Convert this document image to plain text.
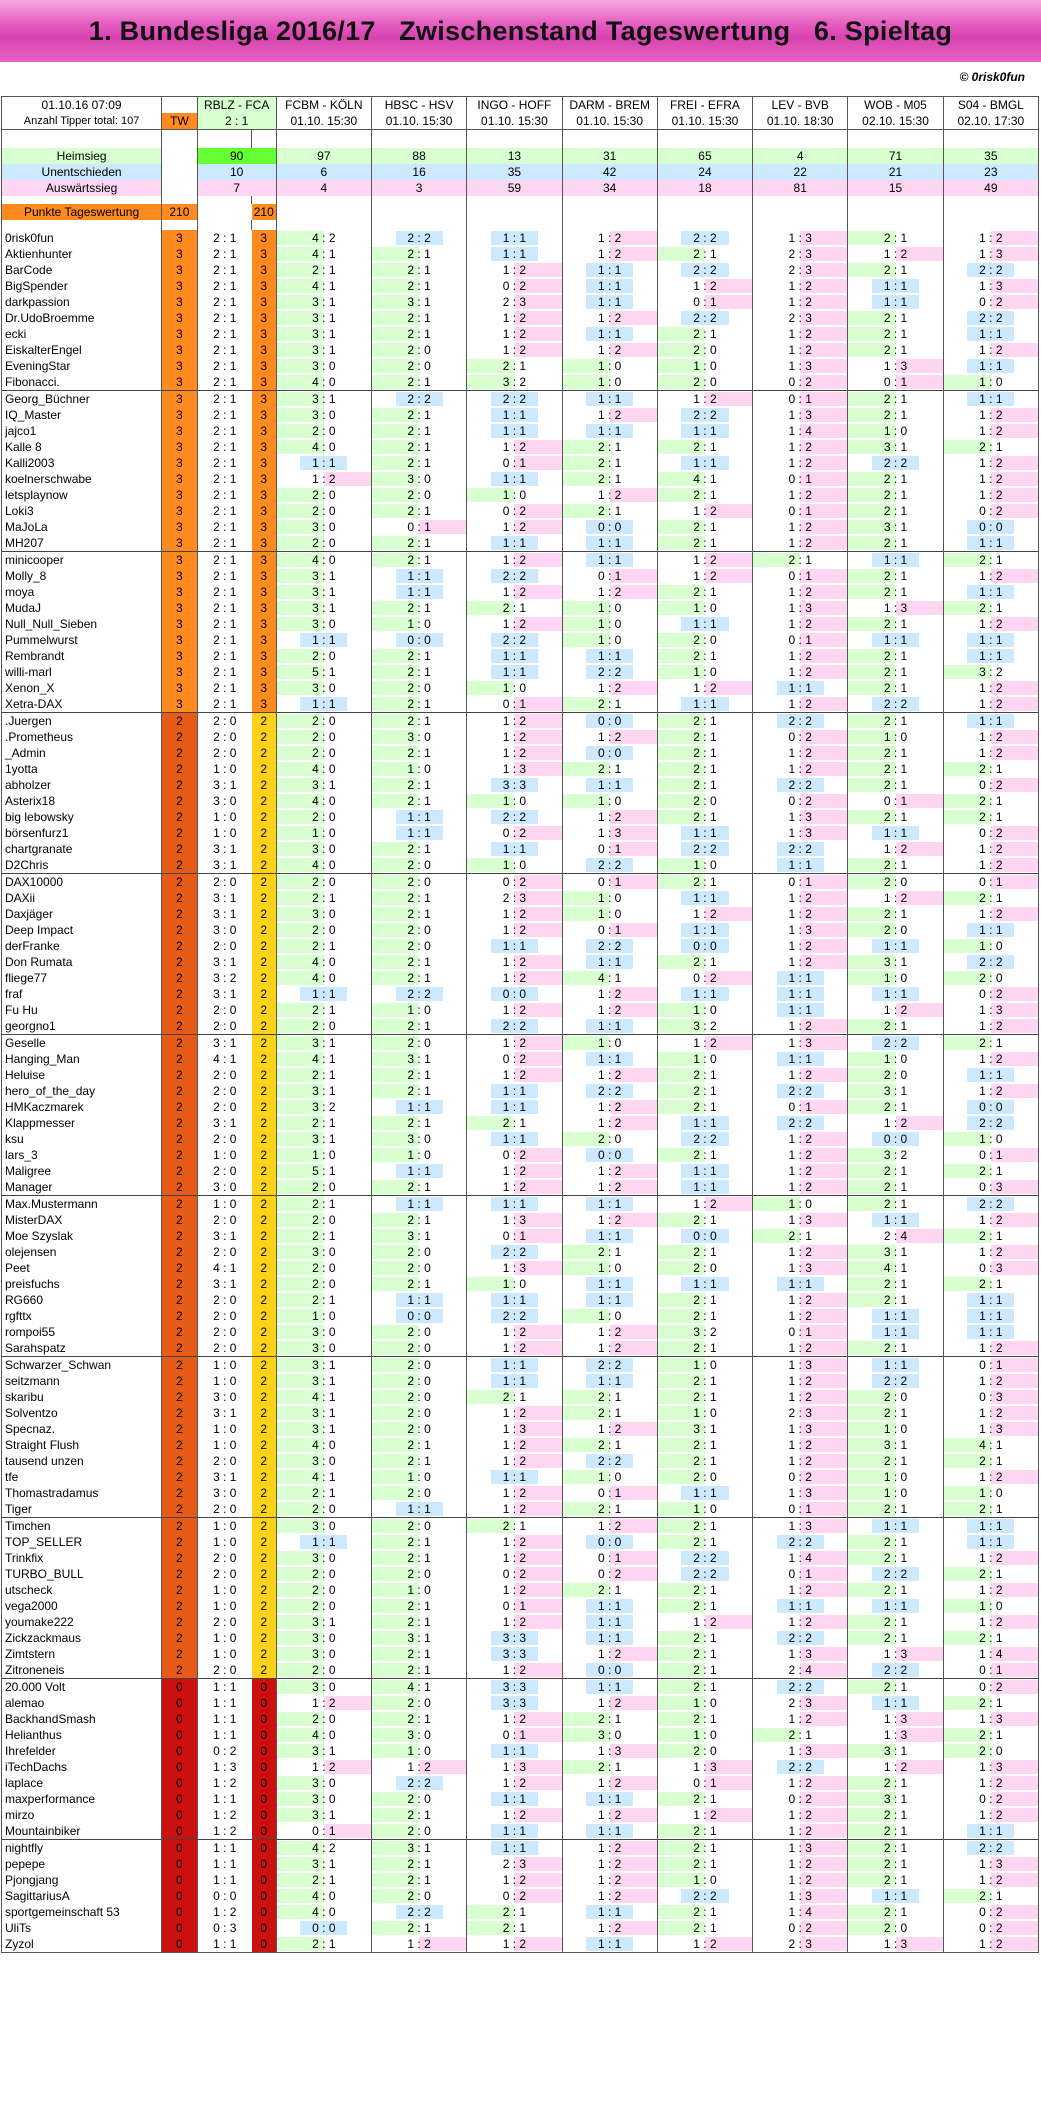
1. Bundesliga 2016/17   Zwischenstand Tageswertung   6. Spieltag
© 0risk0fun
01.10.16 07:09		RBLZ - FCA		FCBM - KÖLN	HBSC - HSV	INGO - HOFF	DARM - BREM	FREI - EFRA	LEV - BVB	WOB - M05	S04 - BMGL
Anzahl Tipper total: 107	TW	2 : 1		01.10. 15:30	01.10. 15:30	01.10. 15:30	01.10. 15:30	01.10. 15:30	01.10. 18:30	02.10. 15:30	02.10. 17:30

Heimsieg		90		97	88	13	31	65	4	71	35
Unentschieden		10		6	16	35	42	24	22	21	23
Auswärtssieg		7		4	3	59	34	18	81	15	49

Punkte Tageswertung	210		210								

0risk0fun	3	2 : 1	3	4 : 2	2 : 2	1 : 1	1 : 2	2 : 2	1 : 3	2 : 1	1 : 2

Aktienhunter	3	2 : 1	3	4 : 1	2 : 1	1 : 1	1 : 2	2 : 1	2 : 3	1 : 2	1 : 3

BarCode	3	2 : 1	3	2 : 1	2 : 1	1 : 2	1 : 1	2 : 2	2 : 3	2 : 1	2 : 2

BigSpender	3	2 : 1	3	4 : 1	2 : 1	0 : 2	1 : 1	1 : 2	1 : 2	1 : 1	1 : 3

darkpassion	3	2 : 1	3	3 : 1	3 : 1	2 : 3	1 : 1	0 : 1	1 : 2	1 : 1	0 : 2

Dr.UdoBroemme	3	2 : 1	3	3 : 1	2 : 1	1 : 2	1 : 2	2 : 2	2 : 3	2 : 1	2 : 2

ecki	3	2 : 1	3	3 : 1	2 : 1	1 : 2	1 : 1	2 : 1	1 : 2	2 : 1	1 : 1

EiskalterEngel	3	2 : 1	3	3 : 1	2 : 0	1 : 2	1 : 2	2 : 0	1 : 2	2 : 1	1 : 2

EveningStar	3	2 : 1	3	3 : 0	2 : 0	2 : 1	1 : 0	1 : 0	1 : 3	1 : 3	1 : 1

Fibonacci.	3	2 : 1	3	4 : 0	2 : 1	3 : 2	1 : 0	2 : 0	0 : 2	0 : 1	1 : 0

Georg_Büchner	3	2 : 1	3	3 : 1	2 : 2	2 : 2	1 : 1	1 : 2	0 : 1	2 : 1	1 : 1

IQ_Master	3	2 : 1	3	3 : 0	2 : 1	1 : 1	1 : 2	2 : 2	1 : 3	2 : 1	1 : 2

jajco1	3	2 : 1	3	2 : 0	2 : 1	1 : 1	1 : 1	1 : 1	1 : 4	1 : 0	1 : 2

Kalle 8	3	2 : 1	3	4 : 0	2 : 1	1 : 2	2 : 1	2 : 1	1 : 2	3 : 1	2 : 1

Kalli2003	3	2 : 1	3	1 : 1	2 : 1	0 : 1	2 : 1	1 : 1	1 : 2	2 : 2	1 : 2

koelnerschwabe	3	2 : 1	3	1 : 2	3 : 0	1 : 1	2 : 1	4 : 1	0 : 1	2 : 1	1 : 2

letsplaynow	3	2 : 1	3	2 : 0	2 : 0	1 : 0	1 : 2	2 : 1	1 : 2	2 : 1	1 : 2

Loki3	3	2 : 1	3	2 : 0	2 : 1	0 : 2	2 : 1	1 : 2	0 : 1	2 : 1	0 : 2

MaJoLa	3	2 : 1	3	3 : 0	0 : 1	1 : 2	0 : 0	2 : 1	1 : 2	3 : 1	0 : 0

MH207	3	2 : 1	3	2 : 0	2 : 1	1 : 1	1 : 1	2 : 1	1 : 2	2 : 1	1 : 1

minicooper	3	2 : 1	3	4 : 0	2 : 1	1 : 2	1 : 1	1 : 2	2 : 1	1 : 1	2 : 1

Molly_8	3	2 : 1	3	3 : 1	1 : 1	2 : 2	0 : 1	1 : 2	0 : 1	2 : 1	1 : 2

moya	3	2 : 1	3	3 : 1	1 : 1	1 : 2	1 : 2	2 : 1	1 : 2	2 : 1	1 : 1

MudaJ	3	2 : 1	3	3 : 1	2 : 1	2 : 1	1 : 0	1 : 0	1 : 3	1 : 3	2 : 1

Null_Null_Sieben	3	2 : 1	3	3 : 0	1 : 0	1 : 2	1 : 0	1 : 1	1 : 2	2 : 1	1 : 2

Pummelwurst	3	2 : 1	3	1 : 1	0 : 0	2 : 2	1 : 0	2 : 0	0 : 1	1 : 1	1 : 1

Rembrandt	3	2 : 1	3	2 : 0	2 : 1	1 : 1	1 : 1	2 : 1	1 : 2	2 : 1	1 : 1

willi-marl	3	2 : 1	3	5 : 1	2 : 1	1 : 1	2 : 2	1 : 0	1 : 2	2 : 1	3 : 2

Xenon_X	3	2 : 1	3	3 : 0	2 : 0	1 : 0	1 : 2	1 : 2	1 : 1	2 : 1	1 : 2

Xetra-DAX	3	2 : 1	3	1 : 1	2 : 1	0 : 1	2 : 1	1 : 1	1 : 2	2 : 2	1 : 2

.Juergen	2	2 : 0	2	2 : 0	2 : 1	1 : 2	0 : 0	2 : 1	2 : 2	2 : 1	1 : 1

.Prometheus	2	2 : 0	2	2 : 0	3 : 0	1 : 2	1 : 2	2 : 1	0 : 2	1 : 0	1 : 2

_Admin	2	2 : 0	2	2 : 0	2 : 1	1 : 2	0 : 0	2 : 1	1 : 2	2 : 1	1 : 2

1yotta	2	1 : 0	2	4 : 0	1 : 0	1 : 3	2 : 1	2 : 1	1 : 2	2 : 1	2 : 1

abholzer	2	3 : 1	2	3 : 1	2 : 1	3 : 3	1 : 1	2 : 1	2 : 2	2 : 1	0 : 2

Asterix18	2	3 : 0	2	4 : 0	2 : 1	1 : 0	1 : 0	2 : 0	0 : 2	0 : 1	2 : 1

big lebowsky	2	1 : 0	2	2 : 0	1 : 1	2 : 2	1 : 2	2 : 1	1 : 3	2 : 1	2 : 1

börsenfurz1	2	1 : 0	2	1 : 0	1 : 1	0 : 2	1 : 3	1 : 1	1 : 3	1 : 1	0 : 2

chartgranate	2	3 : 1	2	3 : 0	2 : 1	1 : 1	0 : 1	2 : 2	2 : 2	1 : 2	1 : 2

D2Chris	2	3 : 1	2	4 : 0	2 : 0	1 : 0	2 : 2	1 : 0	1 : 1	2 : 1	1 : 2

DAX10000	2	2 : 0	2	2 : 0	2 : 0	0 : 2	0 : 1	2 : 1	0 : 1	2 : 0	0 : 1

DAXii	2	3 : 1	2	2 : 1	2 : 1	2 : 3	1 : 0	1 : 1	1 : 2	1 : 2	2 : 1

Daxjäger	2	3 : 1	2	3 : 0	2 : 1	1 : 2	1 : 0	1 : 2	1 : 2	2 : 1	1 : 2

Deep Impact	2	3 : 0	2	2 : 0	2 : 0	1 : 2	0 : 1	1 : 1	1 : 3	2 : 0	1 : 1

derFranke	2	2 : 0	2	2 : 1	2 : 0	1 : 1	2 : 2	0 : 0	1 : 2	1 : 1	1 : 0

Don Rumata	2	3 : 1	2	4 : 0	2 : 1	1 : 2	1 : 1	2 : 1	1 : 2	3 : 1	2 : 2

fliege77	2	3 : 2	2	4 : 0	2 : 1	1 : 2	4 : 1	0 : 2	1 : 1	1 : 0	2 : 0

fraf	2	3 : 1	2	1 : 1	2 : 2	0 : 0	1 : 2	1 : 1	1 : 1	1 : 1	0 : 2

Fu Hu	2	2 : 0	2	2 : 1	1 : 0	1 : 2	1 : 2	1 : 0	1 : 1	1 : 2	1 : 3

georgno1	2	2 : 0	2	2 : 0	2 : 1	2 : 2	1 : 1	3 : 2	1 : 2	2 : 1	1 : 2

Geselle	2	3 : 1	2	3 : 1	2 : 0	1 : 2	1 : 0	1 : 2	1 : 3	2 : 2	2 : 1

Hanging_Man	2	4 : 1	2	4 : 1	3 : 1	0 : 2	1 : 1	1 : 0	1 : 1	1 : 0	1 : 2

Heluise	2	2 : 0	2	2 : 1	2 : 1	1 : 2	1 : 2	2 : 1	1 : 2	2 : 0	1 : 1

hero_of_the_day	2	2 : 0	2	3 : 1	2 : 1	1 : 1	2 : 2	2 : 1	2 : 2	3 : 1	1 : 2

HMKaczmarek	2	2 : 0	2	3 : 2	1 : 1	1 : 1	1 : 2	2 : 1	0 : 1	2 : 1	0 : 0

Klappmesser	2	3 : 1	2	2 : 1	2 : 1	2 : 1	1 : 2	1 : 1	2 : 2	1 : 2	2 : 2

ksu	2	2 : 0	2	3 : 1	3 : 0	1 : 1	2 : 0	2 : 2	1 : 2	0 : 0	1 : 0

lars_3	2	1 : 0	2	1 : 0	1 : 0	0 : 2	0 : 0	2 : 1	1 : 2	3 : 2	0 : 1

Maligree	2	2 : 0	2	5 : 1	1 : 1	1 : 2	1 : 2	1 : 1	1 : 2	2 : 1	2 : 1

Manager	2	3 : 0	2	2 : 0	2 : 1	1 : 2	1 : 2	1 : 1	1 : 2	2 : 1	0 : 3

Max.Mustermann	2	1 : 0	2	2 : 1	1 : 1	1 : 1	1 : 1	1 : 2	1 : 0	2 : 1	2 : 2

MisterDAX	2	2 : 0	2	2 : 0	2 : 1	1 : 3	1 : 2	2 : 1	1 : 3	1 : 1	1 : 2

Moe Szyslak	2	3 : 1	2	2 : 1	3 : 1	0 : 1	1 : 1	0 : 0	2 : 1	2 : 4	2 : 1

olejensen	2	2 : 0	2	3 : 0	2 : 0	2 : 2	2 : 1	2 : 1	1 : 2	3 : 1	1 : 2

Peet	2	4 : 1	2	2 : 0	2 : 0	1 : 3	1 : 0	2 : 0	1 : 3	4 : 1	0 : 3

preisfuchs	2	3 : 1	2	2 : 0	2 : 1	1 : 0	1 : 1	1 : 1	1 : 1	2 : 1	2 : 1

RG660	2	2 : 0	2	2 : 1	1 : 1	1 : 1	1 : 1	2 : 1	1 : 2	2 : 1	1 : 1

rgfttx	2	2 : 0	2	1 : 0	0 : 0	2 : 2	1 : 0	2 : 1	1 : 2	1 : 1	1 : 1

rompoi55	2	2 : 0	2	3 : 0	2 : 0	1 : 2	1 : 2	3 : 2	0 : 1	1 : 1	1 : 1

Sarahspatz	2	2 : 0	2	3 : 0	2 : 0	1 : 2	1 : 2	2 : 1	1 : 2	2 : 1	1 : 2

Schwarzer_Schwan	2	1 : 0	2	3 : 1	2 : 0	1 : 1	2 : 2	1 : 0	1 : 3	1 : 1	0 : 1

seitzmann	2	1 : 0	2	3 : 1	2 : 0	1 : 1	1 : 1	2 : 1	1 : 2	2 : 2	1 : 2

skaribu	2	3 : 0	2	4 : 1	2 : 0	2 : 1	2 : 1	2 : 1	1 : 2	2 : 0	0 : 3

Solventzo	2	3 : 1	2	3 : 1	2 : 0	1 : 2	2 : 1	1 : 0	2 : 3	2 : 1	1 : 2

Specnaz.	2	1 : 0	2	3 : 1	2 : 0	1 : 3	1 : 2	3 : 1	1 : 3	1 : 0	1 : 3

Straight Flush	2	1 : 0	2	4 : 0	2 : 1	1 : 2	2 : 1	2 : 1	1 : 2	3 : 1	4 : 1

tausend unzen	2	2 : 0	2	3 : 0	2 : 1	1 : 2	2 : 2	2 : 1	1 : 2	2 : 1	2 : 1

tfe	2	3 : 1	2	4 : 1	1 : 0	1 : 1	1 : 0	2 : 0	0 : 2	1 : 0	1 : 2

Thomastradamus	2	3 : 0	2	2 : 1	2 : 0	1 : 2	0 : 1	1 : 1	1 : 3	1 : 0	1 : 0

Tiger	2	2 : 0	2	2 : 0	1 : 1	1 : 2	2 : 1	1 : 0	0 : 1	2 : 1	2 : 1

Timchen	2	1 : 0	2	3 : 0	2 : 0	2 : 1	1 : 2	2 : 1	1 : 3	1 : 1	1 : 1

TOP_SELLER	2	1 : 0	2	1 : 1	2 : 1	1 : 2	0 : 0	2 : 1	2 : 2	2 : 1	1 : 1

Trinkfix	2	2 : 0	2	3 : 0	2 : 1	1 : 2	0 : 1	2 : 2	1 : 4	2 : 1	1 : 2

TURBO_BULL	2	2 : 0	2	2 : 0	2 : 0	0 : 2	0 : 2	2 : 2	0 : 1	2 : 2	2 : 1

utscheck	2	1 : 0	2	2 : 0	1 : 0	1 : 2	2 : 1	2 : 1	1 : 2	2 : 1	1 : 2

vega2000	2	1 : 0	2	2 : 0	2 : 1	0 : 1	1 : 1	2 : 1	1 : 1	1 : 1	1 : 0

youmake222	2	2 : 0	2	3 : 1	2 : 1	1 : 2	1 : 1	1 : 2	1 : 2	2 : 1	1 : 2

Zickzackmaus	2	1 : 0	2	3 : 0	3 : 1	3 : 3	1 : 1	2 : 1	2 : 2	2 : 1	2 : 1

Zimtstern	2	1 : 0	2	3 : 0	2 : 1	3 : 3	1 : 2	2 : 1	1 : 3	1 : 3	1 : 4

Zitroneneis	2	2 : 0	2	2 : 0	2 : 1	1 : 2	0 : 0	2 : 1	2 : 4	2 : 2	0 : 1

20.000 Volt	0	1 : 1	0	3 : 0	4 : 1	3 : 3	1 : 1	2 : 1	2 : 2	2 : 1	0 : 2

alemao	0	1 : 1	0	1 : 2	2 : 0	3 : 3	1 : 2	1 : 0	2 : 3	1 : 1	2 : 1

BackhandSmash	0	1 : 1	0	2 : 0	2 : 1	1 : 2	2 : 1	2 : 1	1 : 2	1 : 3	1 : 3

Helianthus	0	1 : 1	0	4 : 0	3 : 0	0 : 1	3 : 0	1 : 0	2 : 1	1 : 3	2 : 1

Ihrefelder	0	0 : 2	0	3 : 1	1 : 0	1 : 1	1 : 3	2 : 0	1 : 3	3 : 1	2 : 0

iTechDachs	0	1 : 3	0	1 : 2	1 : 2	1 : 3	2 : 1	1 : 3	2 : 2	1 : 2	1 : 3

laplace	0	1 : 2	0	3 : 0	2 : 2	1 : 2	1 : 2	0 : 1	1 : 2	2 : 1	1 : 2

maxperformance	0	1 : 1	0	3 : 0	2 : 0	1 : 1	1 : 1	2 : 1	0 : 2	3 : 1	0 : 2

mirzo	0	1 : 2	0	3 : 1	2 : 1	1 : 2	1 : 2	1 : 2	1 : 2	2 : 1	1 : 2

Mountainbiker	0	1 : 2	0	0 : 1	2 : 0	1 : 1	1 : 1	2 : 1	1 : 2	2 : 1	1 : 1

nightfly	0	1 : 1	0	4 : 2	3 : 1	1 : 1	1 : 2	2 : 1	1 : 3	2 : 1	2 : 2

pepepe	0	1 : 1	0	3 : 1	2 : 1	2 : 3	1 : 2	2 : 1	1 : 2	2 : 1	1 : 3

Pjongjang	0	1 : 1	0	2 : 1	2 : 1	1 : 2	1 : 2	1 : 0	1 : 2	2 : 1	1 : 2

SagittariusA	0	0 : 0	0	4 : 0	2 : 0	0 : 2	1 : 2	2 : 2	1 : 3	1 : 1	2 : 1

sportgemeinschaft 53	0	1 : 2	0	4 : 0	2 : 2	2 : 1	1 : 1	2 : 1	1 : 4	2 : 1	0 : 2

UliTs	0	0 : 3	0	0 : 0	2 : 1	2 : 1	1 : 2	2 : 1	0 : 2	2 : 0	0 : 2

Zyzol	0	1 : 1	0	2 : 1	1 : 2	1 : 2	1 : 1	1 : 2	2 : 3	1 : 3	1 : 2
